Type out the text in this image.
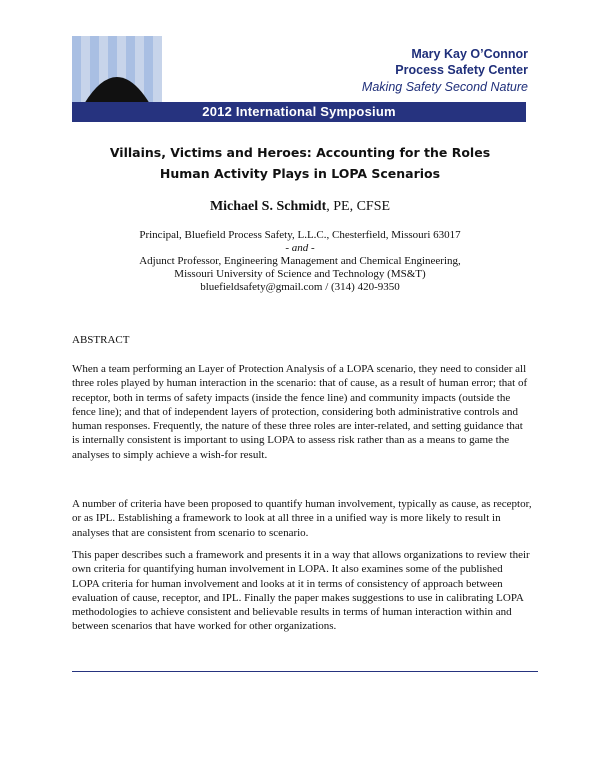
Mary Kay O’Connor
Process Safety Center
Making Safety Second Nature
2012 International Symposium
Villains, Victims and Heroes: Accounting for the Roles
Human Activity Plays in LOPA Scenarios
Michael S. Schmidt, PE, CFSE
Principal, Bluefield Process Safety, L.L.C., Chesterfield, Missouri 63017
- and -
Adjunct Professor, Engineering Management and Chemical Engineering,
Missouri University of Science and Technology (MS&T)
bluefieldsafety@gmail.com / (314) 420-9350
ABSTRACT

When a team performing an Layer of Protection Analysis of a LOPA scenario, they need to consider all three roles played by human interaction in the scenario: that of cause, as a result of human error; that of receptor, both in terms of safety impacts (inside the fence line) and community impacts (outside the fence line); and that of independent layers of protection, considering both administrative controls and human responses. Frequently, the nature of these three roles are inter-related, and setting guidance that is internally consistent is important to using LOPA to assess risk rather than as a means to game the analyses to simply achieve a wish-for result.

A number of criteria have been proposed to quantify human involvement, typically as cause, as receptor, or as IPL. Establishing a framework to look at all three in a unified way is more likely to result in analyses that are consistent from scenario to scenario.

This paper describes such a framework and presents it in a way that allows organizations to review their own criteria for quantifying human involvement in LOPA. It also examines some of the published LOPA criteria for human involvement and looks at it in terms of consistency of approach between evaluation of cause, receptor, and IPL. Finally the paper makes suggestions to use in calibrating LOPA methodologies to achieve consistent and believable results in terms of human interaction within and between scenarios that have worked for other organizations.
